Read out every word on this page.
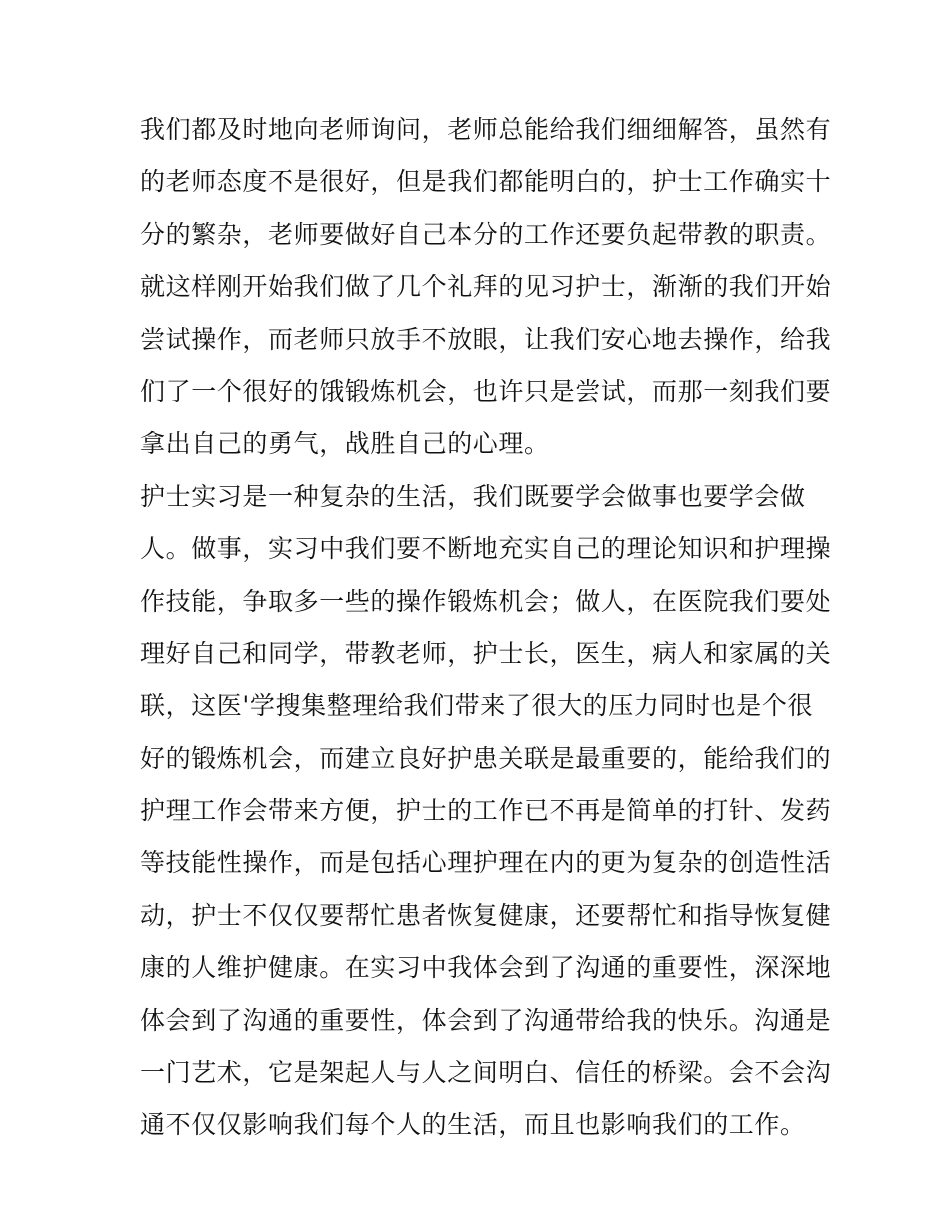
我们都及时地向老师询问，老师总能给我们细细解答，虽然有
的老师态度不是很好，但是我们都能明白的，护士工作确实十
分的繁杂，老师要做好自己本分的工作还要负起带教的职责。
就这样刚开始我们做了几个礼拜的见习护士，渐渐的我们开始
尝试操作，而老师只放手不放眼，让我们安心地去操作，给我
们了一个很好的饿锻炼机会，也许只是尝试，而那一刻我们要
拿出自己的勇气，战胜自己的心理。
护士实习是一种复杂的生活，我们既要学会做事也要学会做
人。做事，实习中我们要不断地充实自己的理论知识和护理操
作技能，争取多一些的操作锻炼机会；做人，在医院我们要处
理好自己和同学，带教老师，护士长，医生，病人和家属的关
联，这医'学搜集整理给我们带来了很大的压力同时也是个很
好的锻炼机会，而建立良好护患关联是最重要的，能给我们的
护理工作会带来方便，护士的工作已不再是简单的打针、发药
等技能性操作，而是包括心理护理在内的更为复杂的创造性活
动，护士不仅仅要帮忙患者恢复健康，还要帮忙和指导恢复健
康的人维护健康。在实习中我体会到了沟通的重要性，深深地
体会到了沟通的重要性，体会到了沟通带给我的快乐。沟通是
一门艺术，它是架起人与人之间明白、信任的桥梁。会不会沟
通不仅仅影响我们每个人的生活，而且也影响我们的工作。
